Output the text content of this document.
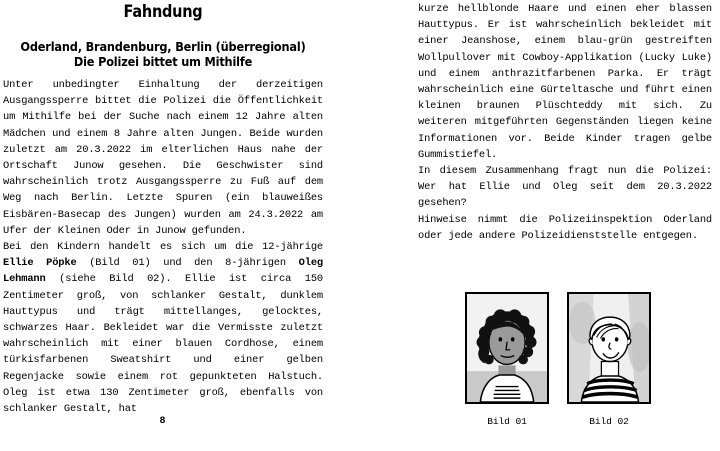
Fahndung
Oderland, Brandenburg, Berlin (überregional)
Die Polizei bittet um Mithilfe

Unter unbedingter Einhaltung der derzeitigen Ausgangssperre bittet die Polizei die Öffentlichkeit um Mithilfe bei der Suche nach einem 12 Jahre alten Mädchen und einem 8 Jahre alten Jungen. Beide wurden zuletzt am 20.3.2022 im elterlichen Haus nahe der Ortschaft Junow gesehen. Die Geschwister sind wahrscheinlich trotz Ausgangssperre zu Fuß auf dem Weg nach Berlin. Letzte Spuren (ein blauweißes Eisbären-Basecap des Jungen) wurden am 24.3.2022 am Ufer der Kleinen Oder in Junow gefunden.

Bei den Kindern handelt es sich um die 12-jährige Ellie Pöpke (Bild 01) und den 8-jährigen Oleg Lehmann (siehe Bild 02). Ellie ist circa 150 Zentimeter groß, von schlanker Gestalt, dunklem Hauttypus und trägt mittellanges, gelocktes, schwarzes Haar. Bekleidet war die Vermisste zuletzt wahrscheinlich mit einer blauen Cordhose, einem türkisfarbenen Sweatshirt und einer gelben Regenjacke sowie einem rot gepunkteten Halstuch. Oleg ist etwa 130 Zentimeter groß, ebenfalls von schlanker Gestalt, hat

8

kurze hellblonde Haare und einen eher blassen Hauttypus. Er ist wahrscheinlich bekleidet mit einer Jeanshose, einem blau-grün gestreiften Wollpullover mit Cowboy-Applikation (Lucky Luke) und einem anthrazitfarbenen Parka. Er trägt wahrscheinlich eine Gürteltasche und führt einen kleinen braunen Plüschteddy mit sich. Zu weiteren mitgeführten Gegenständen liegen keine Informationen vor. Beide Kinder tragen gelbe Gummistiefel.

In diesem Zusammenhang fragt nun die Polizei: Wer hat Ellie und Oleg seit dem 20.3.2022 gesehen?

Hinweise nimmt die Polizeiinspektion Oderland oder jede andere Polizeidienststelle entgegen.

Bild 01	Bild 02
